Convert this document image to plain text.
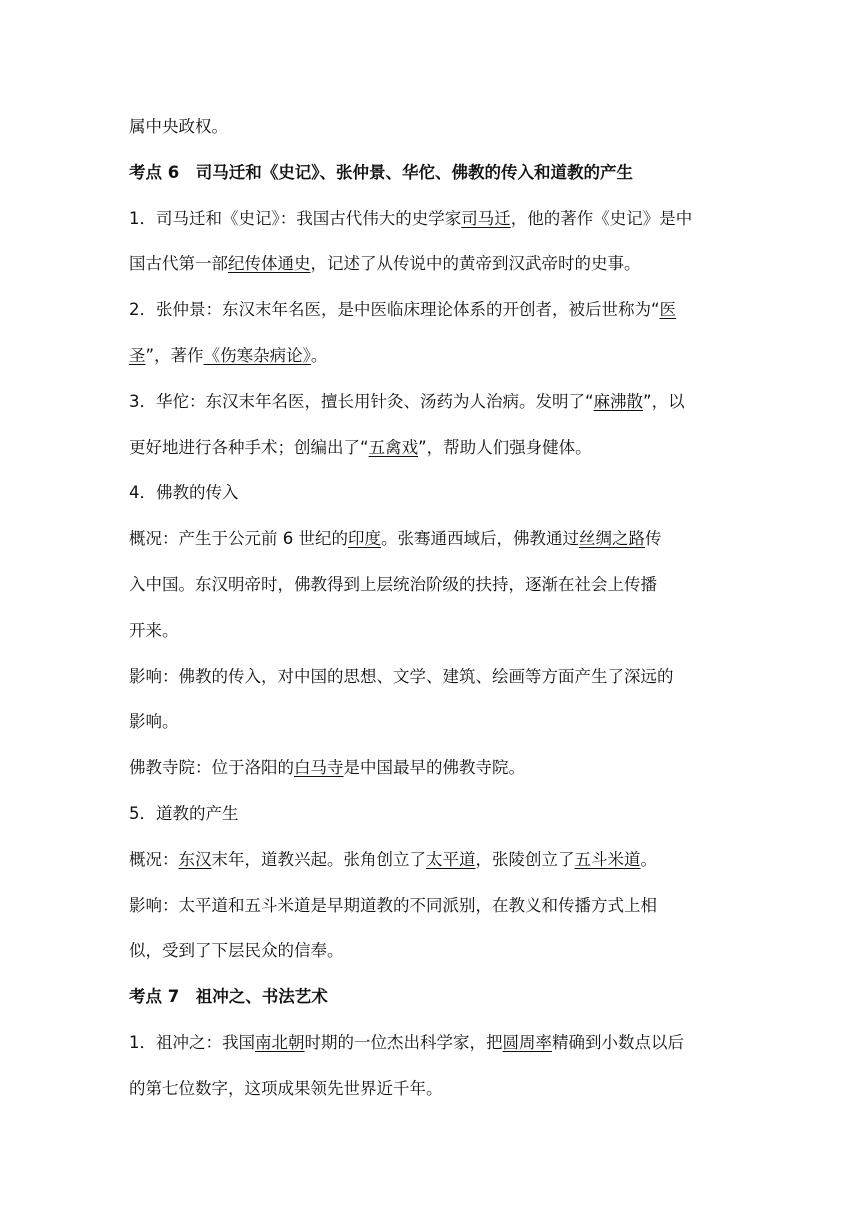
属中央政权。
考点 6　司马迁和《史记》、张仲景、华佗、佛教的传入和道教的产生
1．司马迁和《史记》：我国古代伟大的史学家司马迁，他的著作《史记》是中
国古代第一部纪传体通史，记述了从传说中的黄帝到汉武帝时的史事。
2．张仲景：东汉末年名医，是中医临床理论体系的开创者，被后世称为“医
圣”，著作《伤寒杂病论》。
3．华佗：东汉末年名医，擅长用针灸、汤药为人治病。发明了“麻沸散”，以
更好地进行各种手术；创编出了“五禽戏”，帮助人们强身健体。
4．佛教的传入
概况：产生于公元前 6 世纪的印度。张骞通西域后，佛教通过丝绸之路传
入中国。东汉明帝时，佛教得到上层统治阶级的扶持，逐渐在社会上传播
开来。
影响：佛教的传入，对中国的思想、文学、建筑、绘画等方面产生了深远的
影响。
佛教寺院：位于洛阳的白马寺是中国最早的佛教寺院。
5．道教的产生
概况：东汉末年，道教兴起。张角创立了太平道，张陵创立了五斗米道。
影响：太平道和五斗米道是早期道教的不同派别，在教义和传播方式上相
似，受到了下层民众的信奉。
考点 7　祖冲之、书法艺术
1．祖冲之：我国南北朝时期的一位杰出科学家，把圆周率精确到小数点以后
的第七位数字，这项成果领先世界近千年。
